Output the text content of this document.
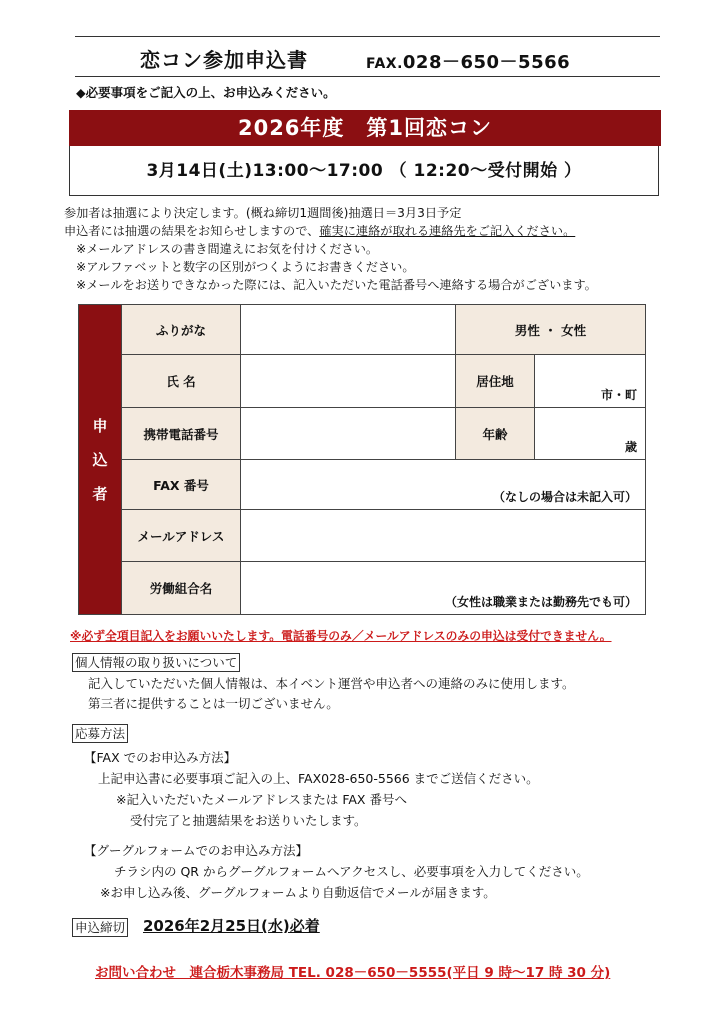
恋コン参加申込書	FAX.028－650－5566
◆必要事項をご記入の上、お申込みください。
2026年度　第1回恋コン
3月14日(土)13:00～17:00 （ 12:20～受付開始 ）
参加者は抽選により決定します。(概ね締切1週間後)抽選日＝3月3日予定
申込者には抽選の結果をお知らせしますので、確実に連絡が取れる連絡先をご記入ください。
※メールアドレスの書き間違えにお気を付けください。
※アルファベットと数字の区別がつくようにお書きください。
※メールをお送りできなかった際には、記入いただいた電話番号へ連絡する場合がございます。
申
込
者	ふりがな		男性 ・ 女性	
	氏 名		居住地	市・町

	携帯電話番号		年齢	歳

	FAX 番号	（なしの場合は未記入可）		

	メールアドレス			
	労働組合名	（女性は職業または勤務先でも可）		
※必ず全項目記入をお願いいたします。電話番号のみ／メールアドレスのみの申込は受付できません。
個人情報の取り扱いについて
記入していただいた個人情報は、本イベント運営や申込者への連絡のみに使用します。
第三者に提供することは一切ございません。
応募方法
【FAX でのお申込み方法】
上記申込書に必要事項ご記入の上、FAX028-650-5566 までご送信ください。
※記入いただいたメールアドレスまたは FAX 番号へ
受付完了と抽選結果をお送りいたします。
【グーグルフォームでのお申込み方法】
チラシ内の QR からグーグルフォームへアクセスし、必要事項を入力してください。
※お申し込み後、グーグルフォームより自動返信でメールが届きます。
申込締切 2026年2月25日(水)必着
お問い合わせ　連合栃木事務局 TEL. 028－650－5555(平日 9 時～17 時 30 分)
